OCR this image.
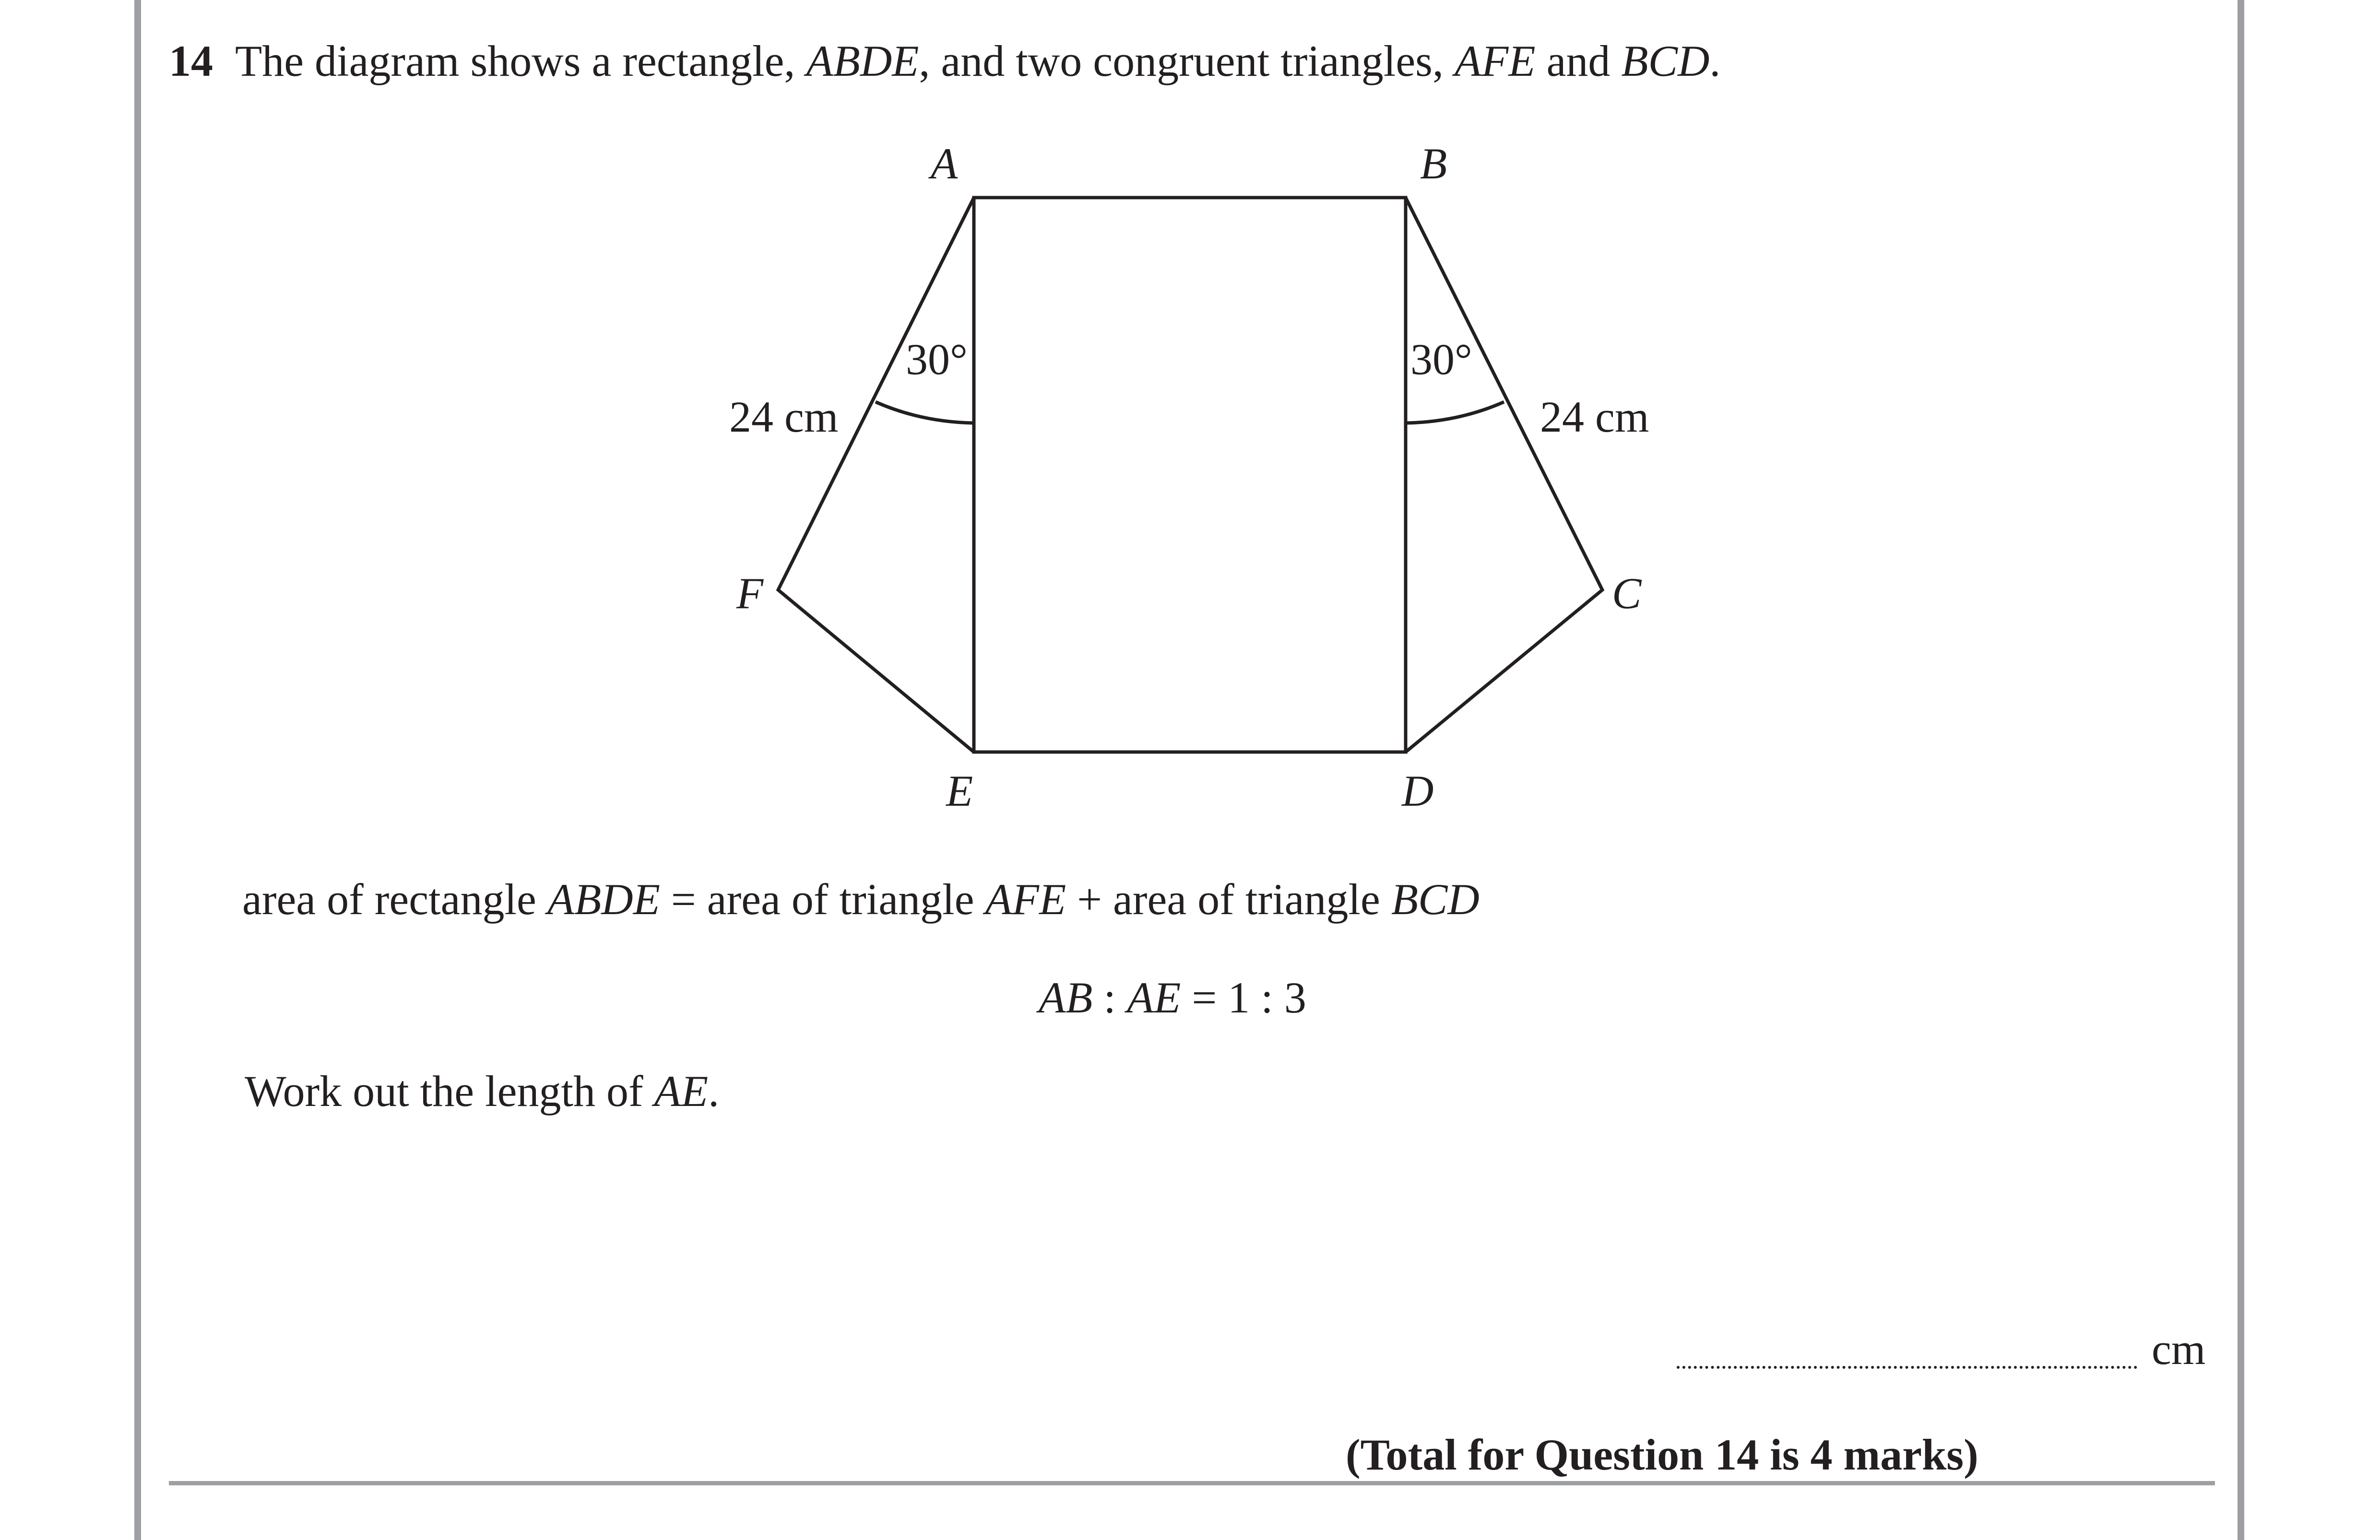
14 The diagram shows a rectangle, ABDE, and two congruent triangles, AFE and BCD.
A	B
C
D
E
F
30°	30°
24 cm	24 cm
area of rectangle ABDE = area of triangle AFE + area of triangle BCD
AB : AE = 1 : 3
Work out the length of AE.
cm
(Total for Question 14 is 4 marks)
